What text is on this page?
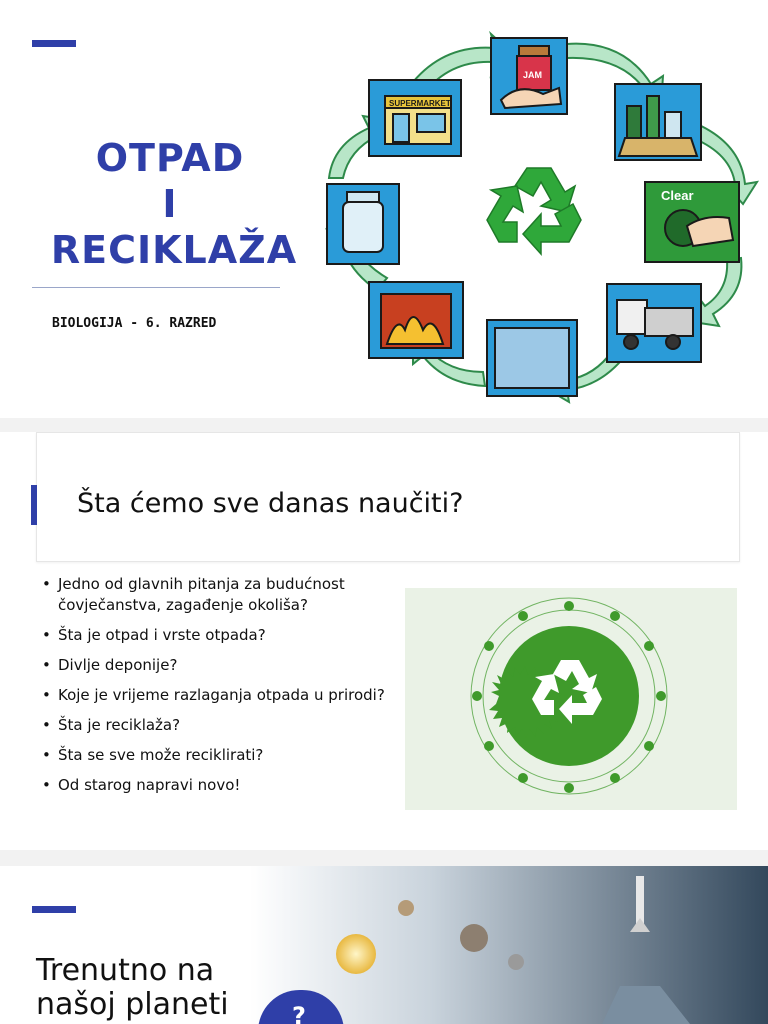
OTPAD
I
RECIKLAŽA
BIOLOGIJA - 6. RAZRED
SUPERMARKET
JAM
Clear
Šta ćemo sve danas naučiti?
• Jedno od glavnih pitanja za budućnost čovječanstva, zagađenje okoliša?
• Šta je otpad i vrste otpada?
• Divlje deponije?
• Koje je vrijeme razlaganja otpada u prirodi?
• Šta je reciklaža?
• Šta se sve može reciklirati?
• Od starog napravi novo!
Trenutno na
našoj planeti	?
